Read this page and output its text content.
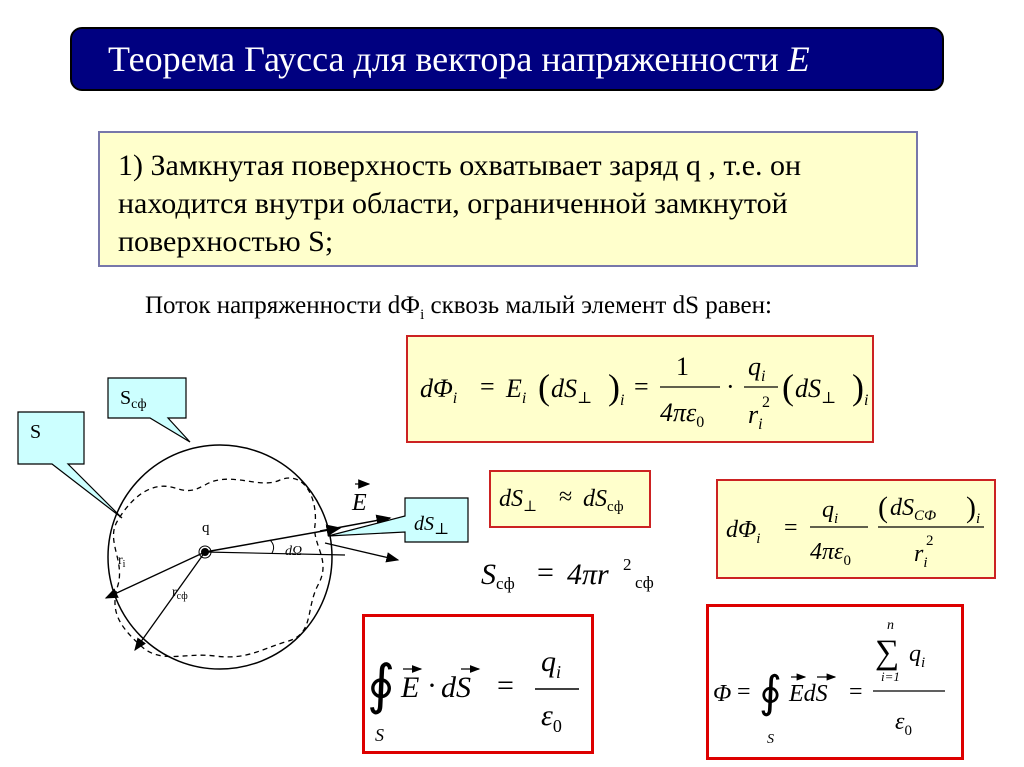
Теорема Гаусса для вектора напряженности E
1) Замкнутая поверхность охватывает заряд q , т.е. он находится внутри области, ограниченной замкнутой поверхностью S;
Поток напряженности $dФ_i$ сквозь малый элемент dS равен:
q
$r_i$
$r_{сф}$
dΩ
E
S
$S_{сф}$
$dS_\perp$
$d\Phi_i = E_i$ ( $dS_\perp$ ) i =
1
$4\pi\varepsilon_0$
·
$q_i$
$r_i$
2 ( $dS_\perp$ ) i
$dS_\perp \approx dS_{сф}$
Sсф = 4πr 2
сф
$d\Phi_i$ =
$q_i$
$4\pi\varepsilon_0$
( $dS_{СФ}$ ) i
$r_i$
2
∮
S
E · dS =
$q_i$
$\varepsilon_0$
Φ = ∮
S
EdS =
n
∑
i=1
$q_i$
$\varepsilon_0$
